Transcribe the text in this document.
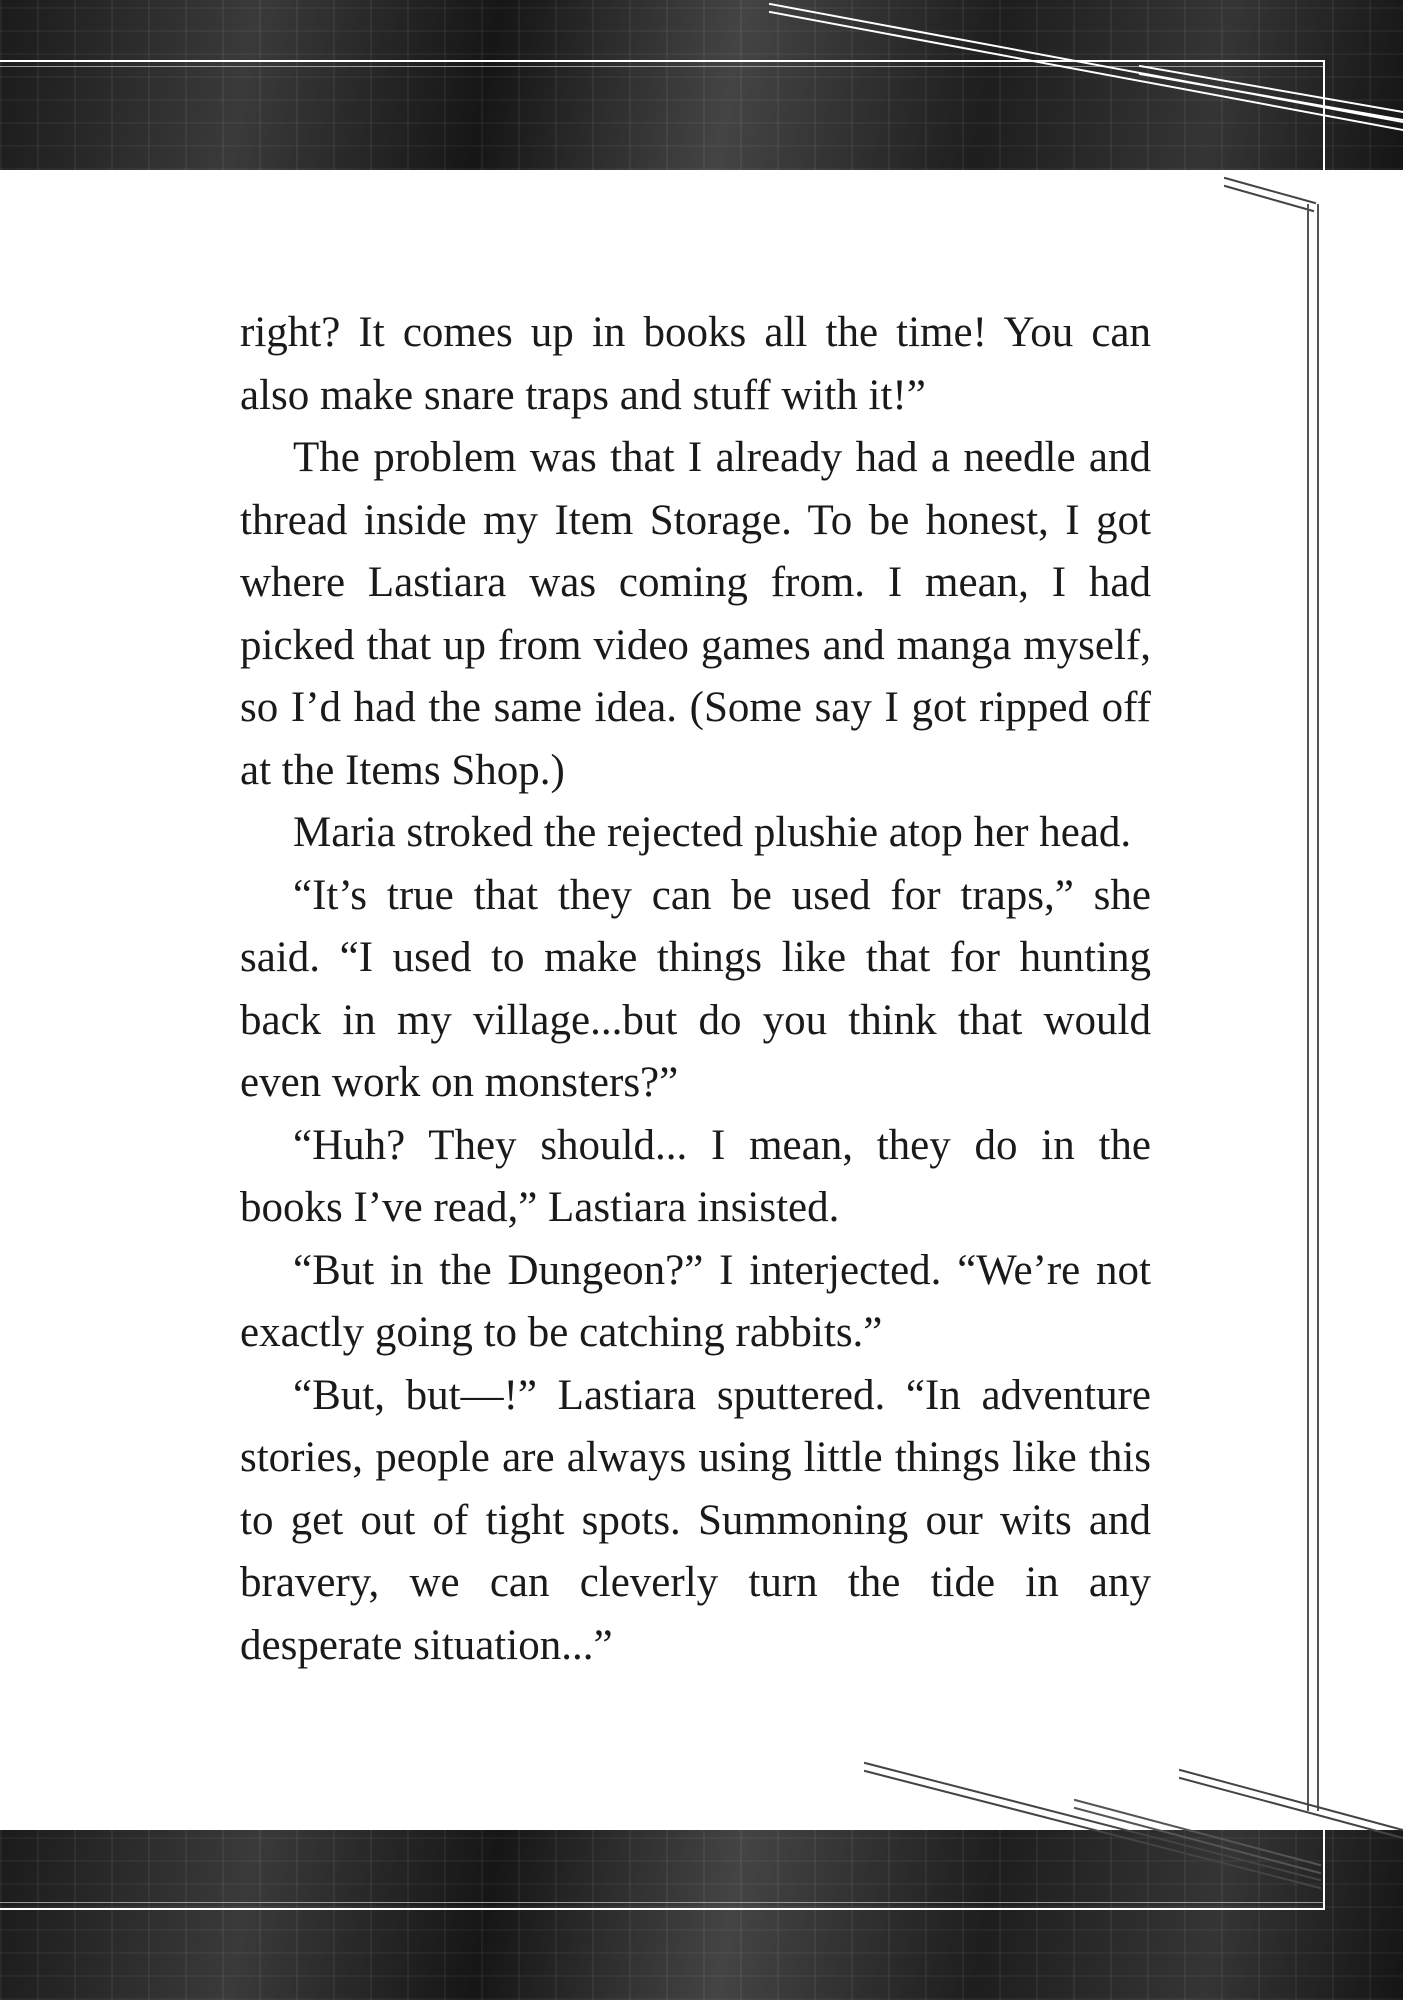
right? It comes up in books all the time! You can also make snare traps and stuff with it!”

The problem was that I already had a needle and thread inside my Item Storage. To be honest, I got where Lastiara was coming from. I mean, I had picked that up from video games and manga myself, so I’d had the same idea. (Some say I got ripped off at the Items Shop.)

Maria stroked the rejected plushie atop her head.

“It’s true that they can be used for traps,” she said. “I used to make things like that for hunting back in my village...but do you think that would even work on monsters?”

“Huh? They should... I mean, they do in the books I’ve read,” Lastiara insisted.

“But in the Dungeon?” I interjected. “We’re not exactly going to be catching rabbits.”

“But, but—!” Lastiara sputtered. “In adventure stories, people are always using little things like this to get out of tight spots. Summoning our wits and bravery, we can cleverly turn the tide in any desperate situation...”
